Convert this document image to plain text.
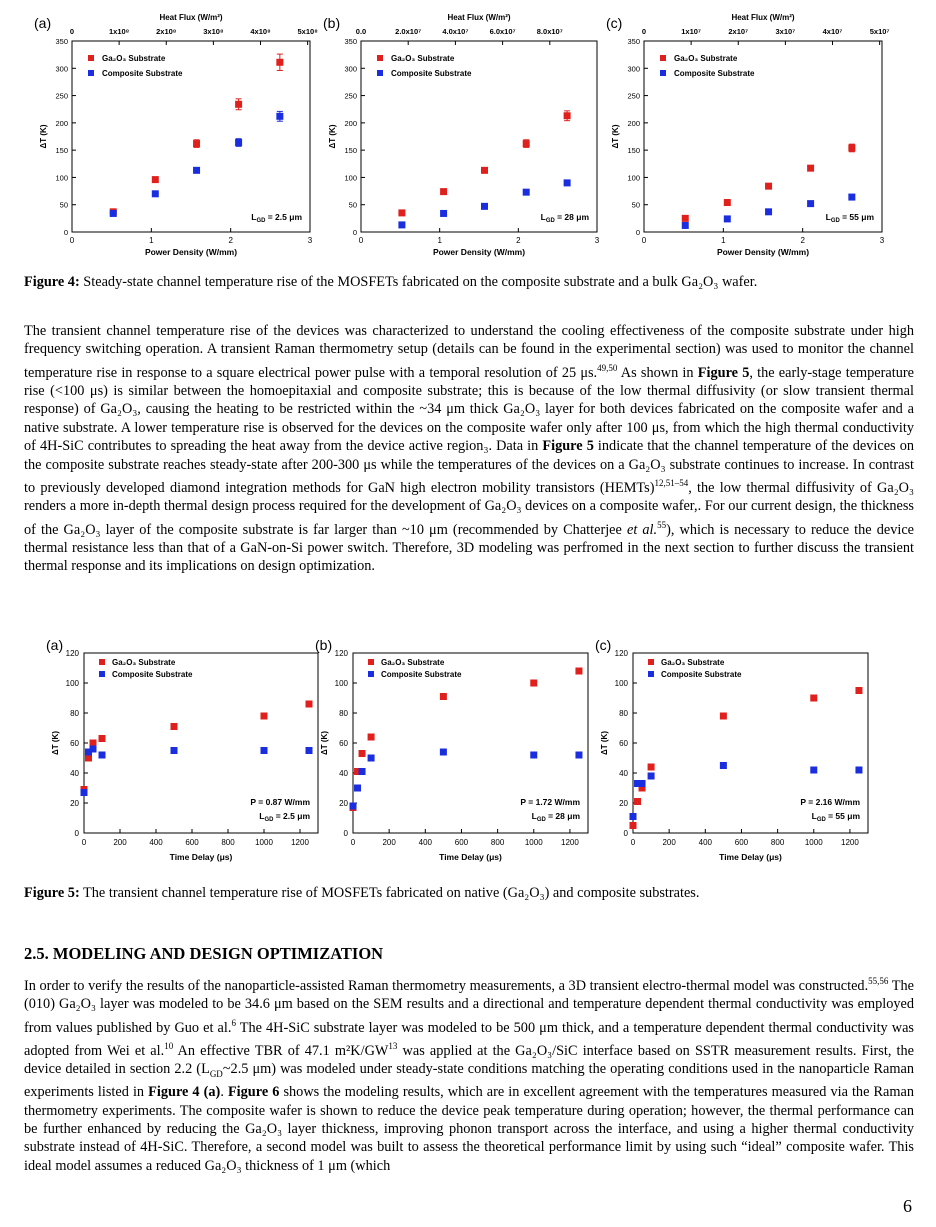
0
50
100
150
200
250
300
350
0	1	2	3
0	1x10⁸	2x10⁸	3x10⁸	4x10⁸	5x10⁸
Heat Flux (W/m²)
Power Density (W/mm)
ΔT (K)
(a)
Ga₂O₃ Substrate
Composite Substrate
$L_{GD} = 2.5$ μm
0
50
100
150
200
250
300
350
0	1	2	3
0.0	2.0x10⁷	4.0x10⁷	6.0x10⁷	8.0x10⁷
Heat Flux (W/m²)
Power Density (W/mm)
ΔT (K)
(b)
Ga₂O₃ Substrate
Composite Substrate
$L_{GD} = 28$ μm
0
50
100
150
200
250
300
350
0	1	2	3
0	1x10⁷	2x10⁷	3x10⁷	4x10⁷	5x10⁷
Heat Flux (W/m²)
Power Density (W/mm)
ΔT (K)
(c)
Ga₂O₃ Substrate
Composite Substrate
$L_{GD} = 55$ μm
Figure 4: Steady-state channel temperature rise of the MOSFETs fabricated on the composite substrate and a bulk Ga₂O₃ wafer.

The transient channel temperature rise of the devices was characterized to understand the cooling effectiveness of the composite substrate under high frequency switching operation. A transient Raman thermometry setup (details can be found in the experimental section) was used to monitor the channel temperature rise in response to a square electrical power pulse with a temporal resolution of 25 μs.$^{49,50}$ As shown in Figure 5, the early-stage temperature rise (<100 μs) is similar between the homoepitaxial and composite substrate; this is because of the low thermal diffusivity (or slow transient thermal response) of Ga₂O₃, causing the heating to be restricted within the ~34 μm thick Ga₂O₃ layer for both devices fabricated on the composite wafer and a native substrate. A lower temperature rise is observed for the devices on the composite wafer only after 100 μs, from which the high thermal conductivity of 4H-SiC contributes to spreading the heat away from the device active region₃. Data in Figure 5 indicate that the channel temperature of the devices on the composite substrate reaches steady-state after 200-300 μs while the temperatures of the devices on a Ga₂O₃ substrate continues to increase. In contrast to previously developed diamond integration methods for GaN high electron mobility transistors (HEMTs)$^{12,51-54}$, the low thermal diffusivity of Ga₂O₃ renders a more in-depth thermal design process required for the development of Ga₂O₃ devices on a composite wafer,. For our current design, the thickness of the Ga₂O₃ layer of the composite substrate is far larger than ~10 μm (recommended by Chatterjee et al.$^{55}$), which is necessary to reduce the device thermal resistance less than that of a GaN-on-Si power switch. Therefore, 3D modeling was perfromed in the next section to further discuss the transient thermal response and its implications on design optimization.

0
20
40
60
80
100
120
0	200	400	600	800	1000 1200
Time Delay (μs)
ΔT (K)
(a)
Ga₂O₃ Substrate
Composite Substrate
P = 0.87 W/mm
$L_{GD} = 2.5$ μm
0
20
40
60
80
100
120
0	200	400	600	800	1000 1200
Time Delay (μs)
ΔT (K)
(b)
Ga₂O₃ Substrate
Composite Substrate
P = 1.72 W/mm
$L_{GD} = 28$ μm
0
20
40
60
80
100
120
0	200	400	600	800	1000 1200
Time Delay (μs)
ΔT (K)
(c)
Ga₂O₃ Substrate
Composite Substrate
P = 2.16 W/mm
$L_{GD} = 55$ μm
Figure 5: The transient channel temperature rise of MOSFETs fabricated on native (Ga₂O₃) and composite substrates.
2.5. MODELING AND DESIGN OPTIMIZATION

In order to verify the results of the nanoparticle-assisted Raman thermometry measurements, a 3D transient electro-thermal model was constructed.$^{55,56}$ The (010) Ga₂O₃ layer was modeled to be 34.6 μm based on the SEM results and a directional and temperature dependent thermal conductivity was employed from values published by Guo et al.$^6$ The 4H-SiC substrate layer was modeled to be 500 μm thick, and a temperature dependent thermal conductivity was adopted from Wei et al.$^{10}$ An effective TBR of 47.1 m²K/GW$^{13}$ was applied at the Ga₂O₃/SiC interface based on SSTR measurement results. First, the device detailed in section 2.2 ($L_{GD}\sim 2.5$ μm) was modeled under steady-state conditions matching the operating conditions used in the nanoparticle Raman experiments listed in Figure 4 (a). Figure 6 shows the modeling results, which are in excellent agreement with the temperatures measured via the Raman thermometry experiments. The composite wafer is shown to reduce the device peak temperature during operation; however, the thermal performance can be further enhanced by reducing the Ga₂O₃ layer thickness, improving phonon transport across the interface, and using a higher thermal conductivity substrate instead of 4H-SiC. Therefore, a second model was built to assess the theoretical performance limit by using such “ideal” composite wafer. This ideal model assumes a reduced Ga₂O₃ thickness of 1 μm (which

6
